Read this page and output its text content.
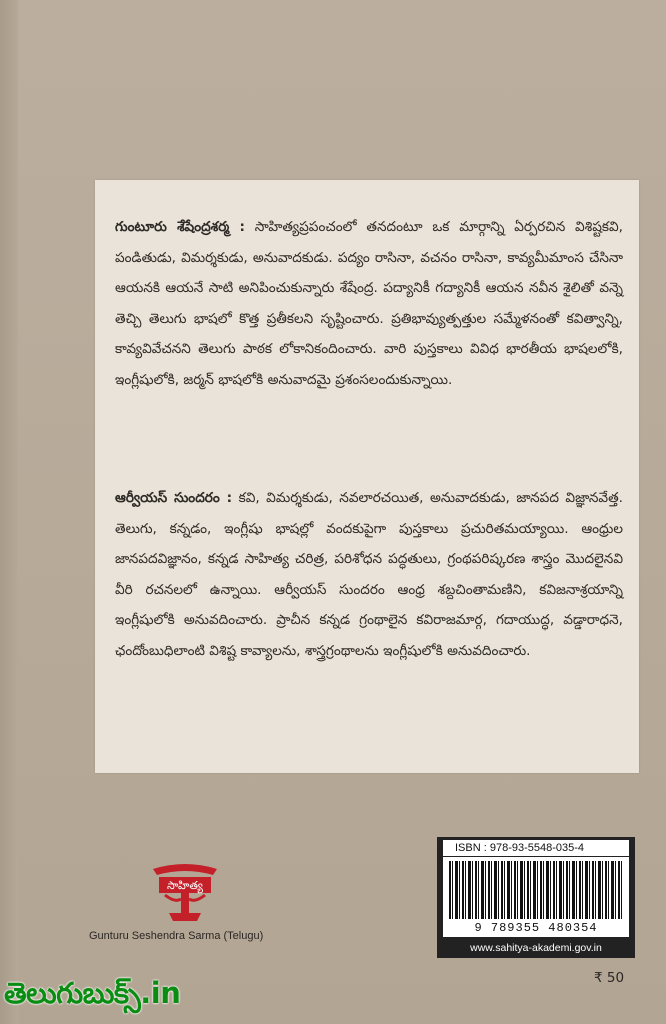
గుంటూరు శేషేంద్రశర్మ : సాహిత్యప్రపంచంలో తనదంటూ ఒక మార్గాన్ని ఏర్పరచిన విశిష్టకవి, పండితుడు, విమర్శకుడు, అనువాదకుడు. పద్యం రాసినా, వచనం రాసినా, కావ్యమీమాంస చేసినా ఆయనకి ఆయనే సాటి అనిపించుకున్నారు శేషేంద్ర. పద్యానికీ గద్యానికీ ఆయన నవీన శైలితో వన్నె తెచ్చి తెలుగు భాషలో కొత్త ప్రతీకలని సృష్టించారు. ప్రతిభావ్యుత్పత్తుల సమ్మేళనంతో కవిత్వాన్ని, కావ్యవివేచనని తెలుగు పాఠక లోకానికందించారు. వారి పుస్తకాలు వివిధ భారతీయ భాషలలోకి, ఇంగ్లీషులోకి, జర్మన్ భాషలోకి అనువాదమై ప్రశంసలందుకున్నాయి.
ఆర్వీయస్ సుందరం : కవి, విమర్శకుడు, నవలారచయిత, అనువాదకుడు, జానపద విజ్ఞానవేత్త. తెలుగు, కన్నడం, ఇంగ్లీషు భాషల్లో వందకుపైగా పుస్తకాలు ప్రచురితమయ్యాయి. ఆంధ్రుల జానపదవిజ్ఞానం, కన్నడ సాహిత్య చరిత్ర, పరిశోధన పద్ధతులు, గ్రంథపరిష్కరణ శాస్త్రం మొదలైనవి వీరి రచనలలో ఉన్నాయి. ఆర్వీయస్ సుందరం ఆంధ్ర శబ్దచింతామణిని, కవిజనాశ్రయాన్ని ఇంగ్లీషులోకి అనువదించారు. ప్రాచీన కన్నడ గ్రంథాలైన కవిరాజమార్గ, గదాయుద్ధ, వడ్డారాధనె, ఛందోంబుధిలాంటి విశిష్ట కావ్యాలను, శాస్త్రగ్రంథాలను ఇంగ్లీషులోకి అనువదించారు.
సాహిత్య
Gunturu Seshendra Sarma (Telugu)
ISBN : 978-93-5548-035-4
9 789355 480354
www.sahitya-akademi.gov.in
₹ 50
తెలుగుబుక్స్.in
